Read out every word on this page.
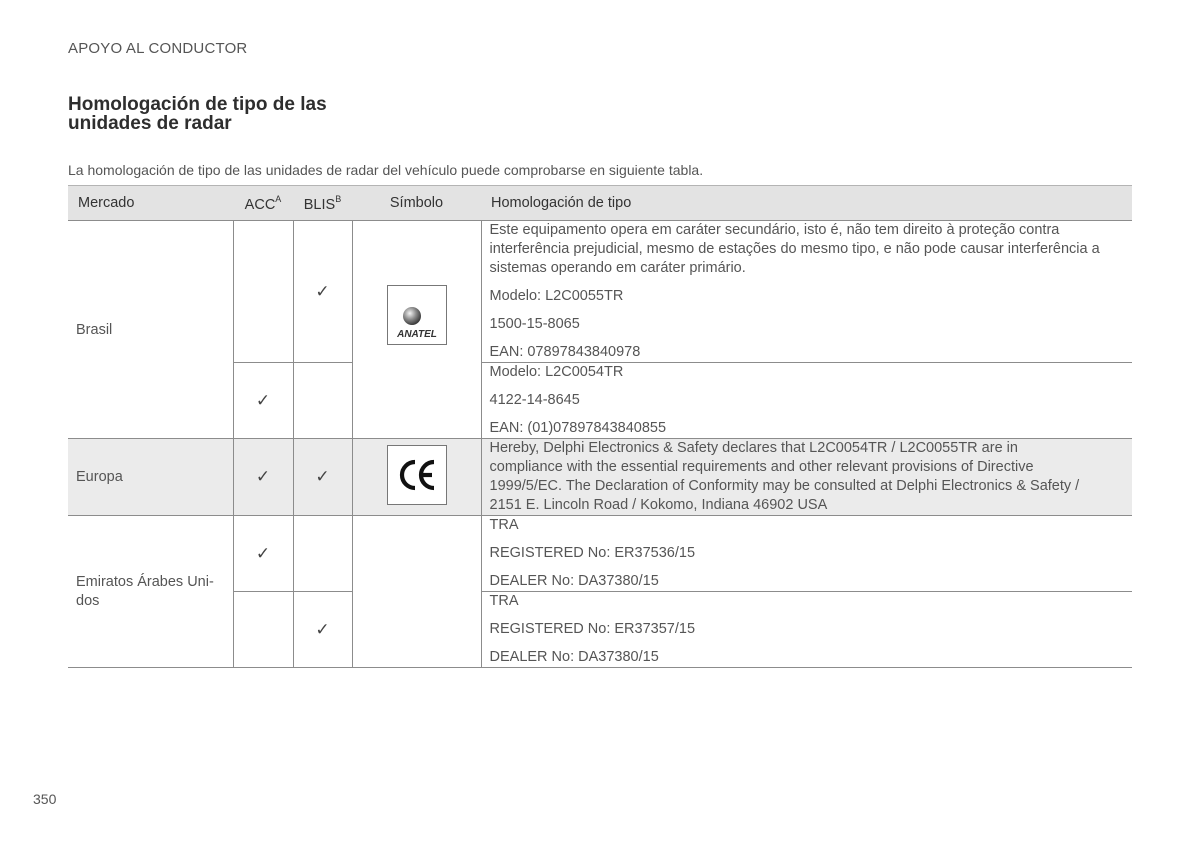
APOYO AL CONDUCTOR
Homologación de tipo de las
unidades de radar
La homologación de tipo de las unidades de radar del vehículo puede comprobarse en siguiente tabla.
Mercado	$ACC^A$	$BLIS^B$	Símbolo	Homologación de tipo
Brasil		✓	ANATEL	Este equipamento opera em caráter secundário, isto é, não tem direito à proteção contra interferência prejudicial, mesmo de estações do mesmo tipo, e não pode causar interferência a sistemas operando em caráter primário.
Modelo: L2C0055TR
1500-15-8065
EAN: 07897843840978

	✓			Modelo: L2C0054TR
4122-14-8645
EAN: (01)07897843840855

Europa	✓	✓		Hereby, Delphi Electronics & Safety declares that L2C0054TR / L2C0055TR are in
compliance with the essential requirements and other relevant provisions of Directive
1999/5/EC. The Declaration of Conformity may be consulted at Delphi Electronics & Safety /
2151 E. Lincoln Road / Kokomo, Indiana 46902 USA

Emiratos Árabes Uni-
dos	✓			TRA
REGISTERED No: ER37536/15
DEALER No: DA37380/15

		✓		TRA
REGISTERED No: ER37357/15
DEALER No: DA37380/15
350
